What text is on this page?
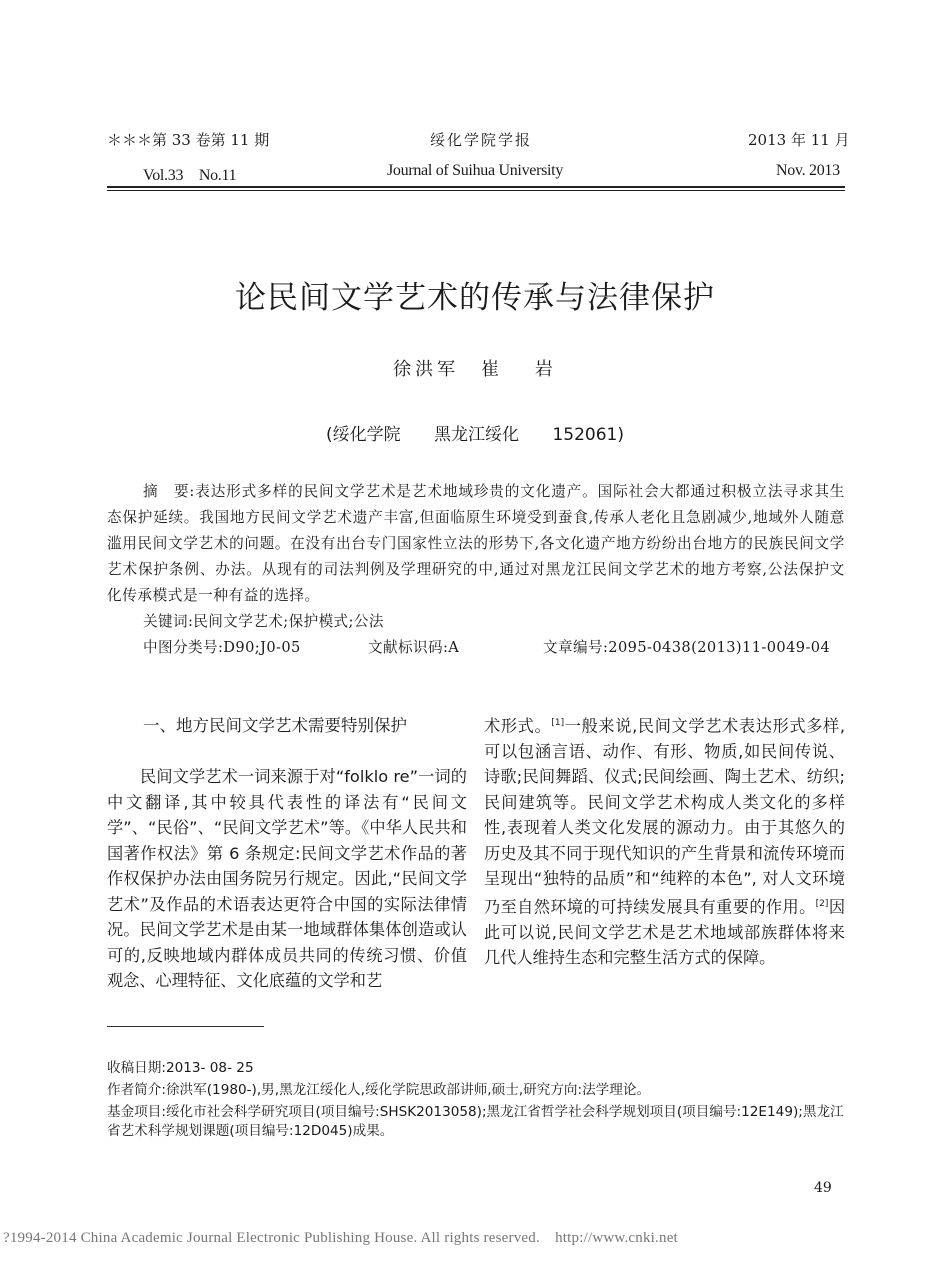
＊＊＊第 33 卷第 11 期	绥化学院学报	2013 年 11 月
Vol.33　No.11	Journal of Suihua University	Nov. 2013
论民间文学艺术的传承与法律保护
徐洪军　崔 岩
(绥化学院 黑龙江绥化 152061)
摘　要:表达形式多样的民间文学艺术是艺术地域珍贵的文化遗产。国际社会大都通过积极立法寻求其生态保护延续。我国地方民间文学艺术遗产丰富,但面临原生环境受到蚕食,传承人老化且急剧减少,地域外人随意滥用民间文学艺术的问题。在没有出台专门国家性立法的形势下,各文化遗产地方纷纷出台地方的民族民间文学艺术保护条例、办法。从现有的司法判例及学理研究的中,通过对黑龙江民间文学艺术的地方考察,公法保护文化传承模式是一种有益的选择。
关键词:民间文学艺术;保护模式;公法
中图分类号:D90;J0-05	文献标识码:A	文章编号:2095-0438(2013)11-0049-04
一、地方民间文学艺术需要特别保护

民间文学艺术一词来源于对“folklo re”一词的中文翻译,其中较具代表性的译法有“民间文学”、“民俗”、“民间文学艺术”等。《中华人民共和国著作权法》第 6 条规定:民间文学艺术作品的著作权保护办法由国务院另行规定。因此,“民间文学艺术”及作品的术语表达更符合中国的实际法律情况。民间文学艺术是由某一地域群体集体创造或认可的,反映地域内群体成员共同的传统习惯、价值观念、心理特征、文化底蕴的文学和艺

术形式。[1]一般来说,民间文学艺术表达形式多样,可以包涵言语、动作、有形、物质,如民间传说、诗歌;民间舞蹈、仪式;民间绘画、陶土艺术、纺织;民间建筑等。民间文学艺术构成人类文化的多样性,表现着人类文化发展的源动力。由于其悠久的历史及其不同于现代知识的产生背景和流传环境而呈现出“独特的品质”和“纯粹的本色”, 对人文环境乃至自然环境的可持续发展具有重要的作用。[2]因此可以说,民间文学艺术是艺术地域部族群体将来几代人维持生态和完整生活方式的保障。

收稿日期:2013- 08- 25
作者简介:徐洪军(1980-),男,黑龙江绥化人,绥化学院思政部讲师,硕士,研究方向:法学理论。
基金项目:绥化市社会科学研究项目(项目编号:SHSK2013058);黑龙江省哲学社会科学规划项目(项目编号:12E149);黑龙江省艺术科学规划课题(项目编号:12D045)成果。
49
?1994-2014 China Academic Journal Electronic Publishing House. All rights reserved.　http://www.cnki.net
